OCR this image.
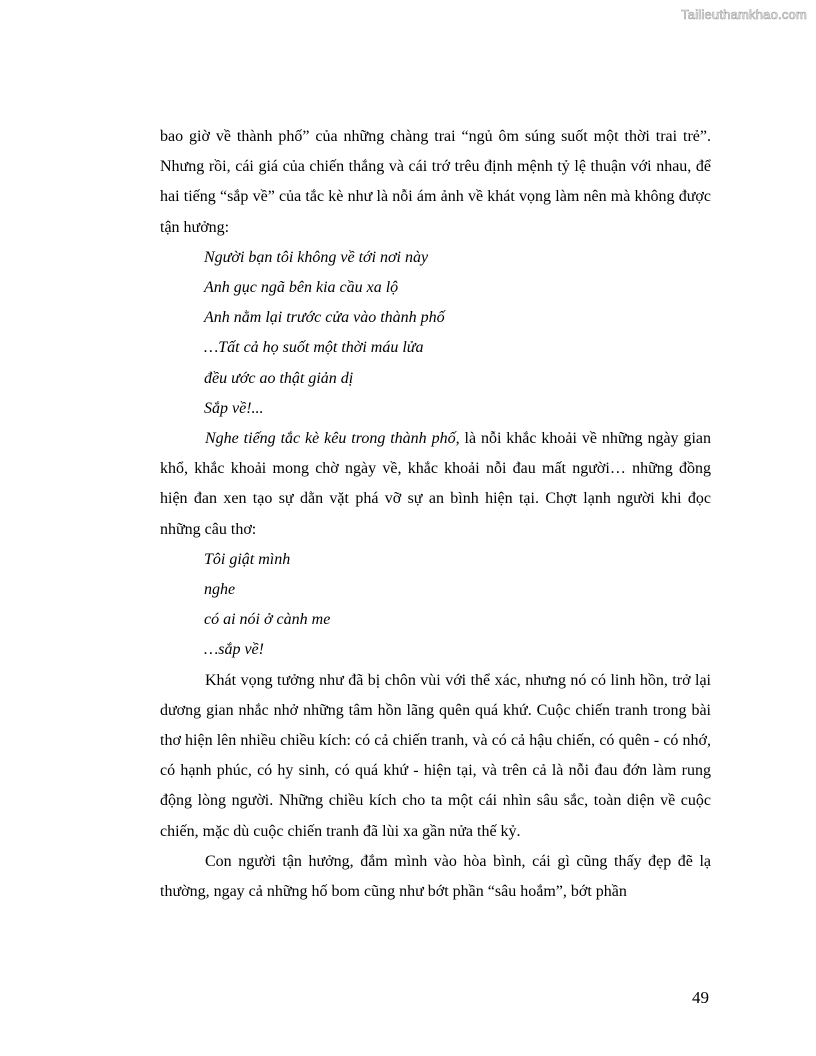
Tailieuthamkhao.com

bao giờ về thành phố” của những chàng trai “ngủ ôm súng suốt một thời trai trẻ”. Nhưng rồi, cái giá của chiến thắng và cái trớ trêu định mệnh tỷ lệ thuận với nhau, để hai tiếng “sắp về” của tắc kè như là nỗi ám ảnh về khát vọng làm nên mà không được tận hưởng:

Người bạn tôi không về tới nơi này
Anh gục ngã bên kia cầu xa lộ
Anh nằm lại trước cửa vào thành phố
…Tất cả họ suốt một thời máu lửa
đều ước ao thật giản dị
Sắp về!...

Nghe tiếng tắc kè kêu trong thành phố, là nỗi khắc khoải về những ngày gian khổ, khắc khoải mong chờ ngày về, khắc khoải nỗi đau mất người… những đồng hiện đan xen tạo sự dằn vặt phá vỡ sự an bình hiện tại. Chợt lạnh người khi đọc những câu thơ:

Tôi giật mình
nghe
có ai nói ở cành me
…sắp về!

Khát vọng tưởng như đã bị chôn vùi với thể xác, nhưng nó có linh hồn, trở lại dương gian nhắc nhở những tâm hồn lãng quên quá khứ. Cuộc chiến tranh trong bài thơ hiện lên nhiều chiều kích: có cả chiến tranh, và có cả hậu chiến, có quên - có nhớ, có hạnh phúc, có hy sinh, có quá khứ - hiện tại, và trên cả là nỗi đau đớn làm rung động lòng người. Những chiều kích cho ta một cái nhìn sâu sắc, toàn diện về cuộc chiến, mặc dù cuộc chiến tranh đã lùi xa gần nửa thế kỷ.

Con người tận hưởng, đắm mình vào hòa bình, cái gì cũng thấy đẹp đẽ lạ thường, ngay cả những hố bom cũng như bớt phần “sâu hoắm”, bớt phần

49
